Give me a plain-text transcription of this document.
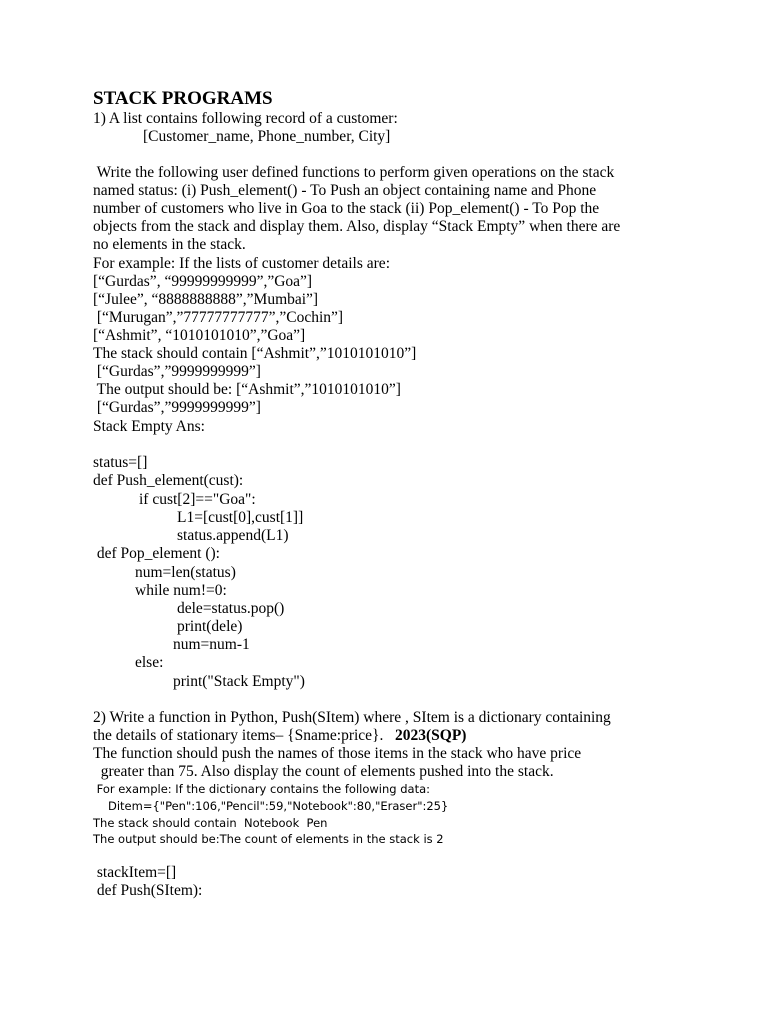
STACK PROGRAMS

1) A list contains following record of a customer:

[Customer_name, Phone_number, City]

Write the following user defined functions to perform given operations on the stack

named status: (i) Push_element() - To Push an object containing name and Phone

number of customers who live in Goa to the stack (ii) Pop_element() - To Pop the

objects from the stack and display them. Also, display “Stack Empty” when there are

no elements in the stack.

For example: If the lists of customer details are:

[“Gurdas”, “99999999999”,”Goa”]

[“Julee”, “8888888888”,”Mumbai”]

[“Murugan”,”77777777777”,”Cochin”]

[“Ashmit”, “1010101010”,”Goa”]

The stack should contain [“Ashmit”,”1010101010”]

[“Gurdas”,”9999999999”]

The output should be: [“Ashmit”,”1010101010”]

[“Gurdas”,”9999999999”]

Stack Empty Ans:

status=[]

def Push_element(cust):

if cust[2]=="Goa":

L1=[cust[0],cust[1]]

status.append(L1)

def Pop_element ():

num=len(status)

while num!=0:

dele=status.pop()

print(dele)

num=num-1

else:

print("Stack Empty")

2) Write a function in Python, Push(SItem) where , SItem is a dictionary containing

the details of stationary items– {Sname:price}.   2023(SQP)

The function should push the names of those items in the stack who have price

greater than 75. Also display the count of elements pushed into the stack.

For example: If the dictionary contains the following data:

Ditem={"Pen":106,"Pencil":59,"Notebook":80,"Eraser":25}

The stack should contain  Notebook  Pen

The output should be:The count of elements in the stack is 2

stackItem=[]

def Push(SItem):
